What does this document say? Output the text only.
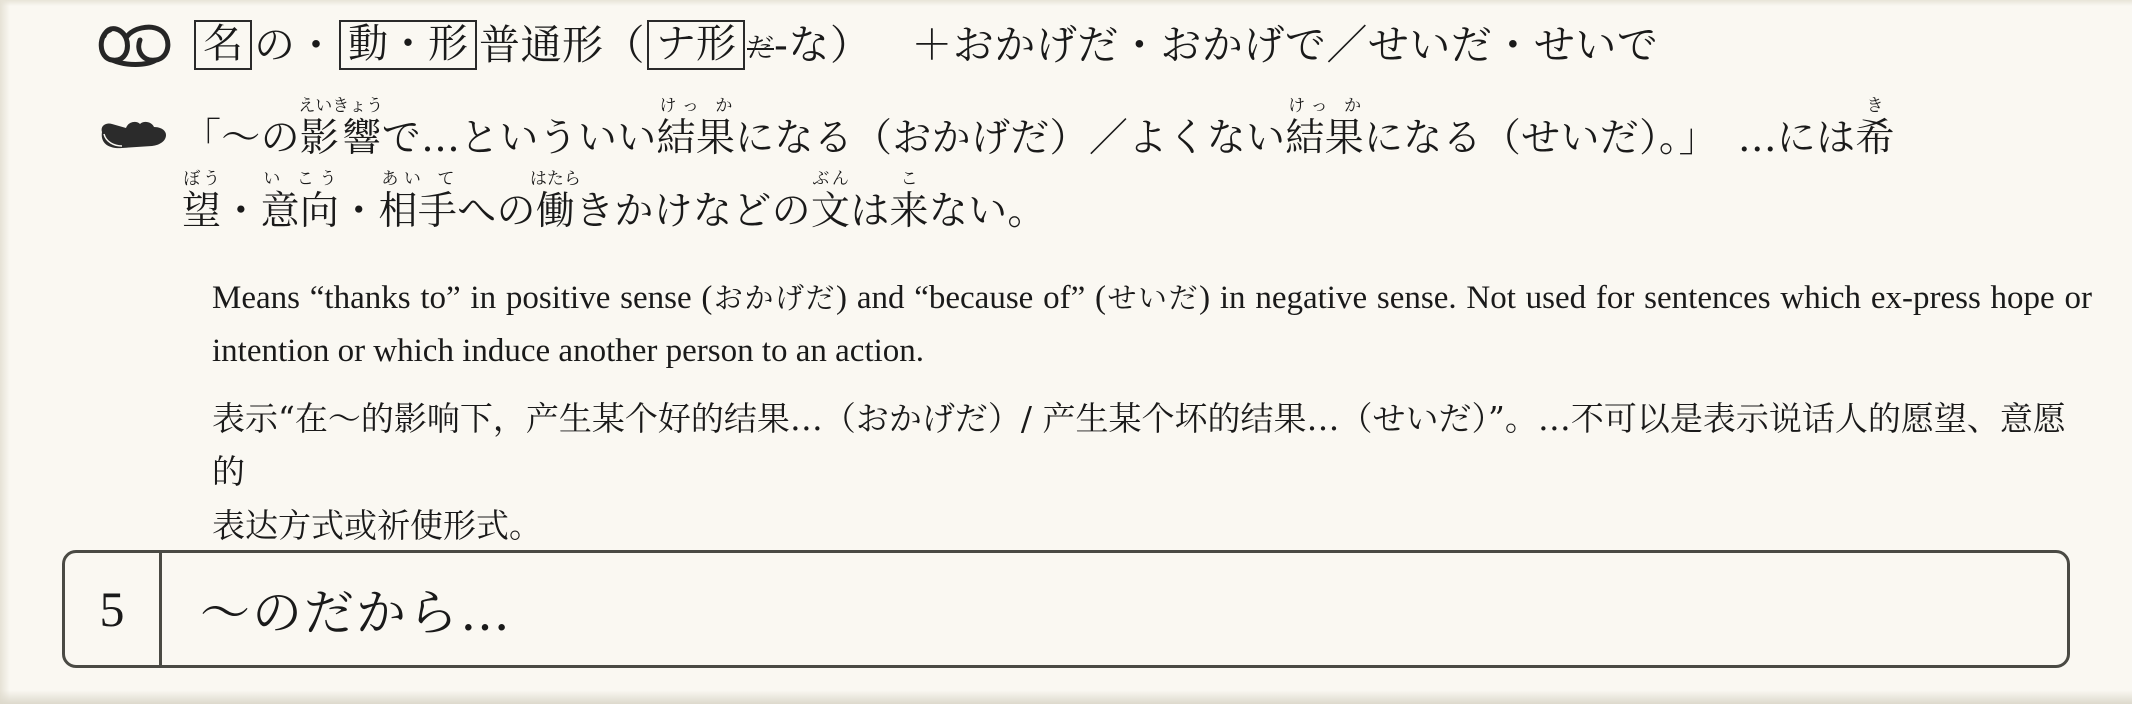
名 の・ 動・形 普通形 （ ナ形 だ ‑な） ＋おかげだ・おかげで／せいだ・せいで
「～の影響えいきょうで…といういい結果けっ かになる（おかげだ）／よくない結果けっ かになる（せいだ）。」　…には希き
望ぼう・意向い こう・相手あい てへの働はたらきかけなどの文ぶんは来こない。
Means “thanks to” in positive sense (おかげだ) and “because of” (せいだ) in negative sense. Not used for sentences which ex-press hope or intention or which induce another person to an action.
表示“在～的影响下，产生某个好的结果…（おかげだ）/ 产生某个坏的结果…（せいだ）”。…不可以是表示说话人的愿望、意愿的
表达方式或祈使形式。
5	～のだから…
